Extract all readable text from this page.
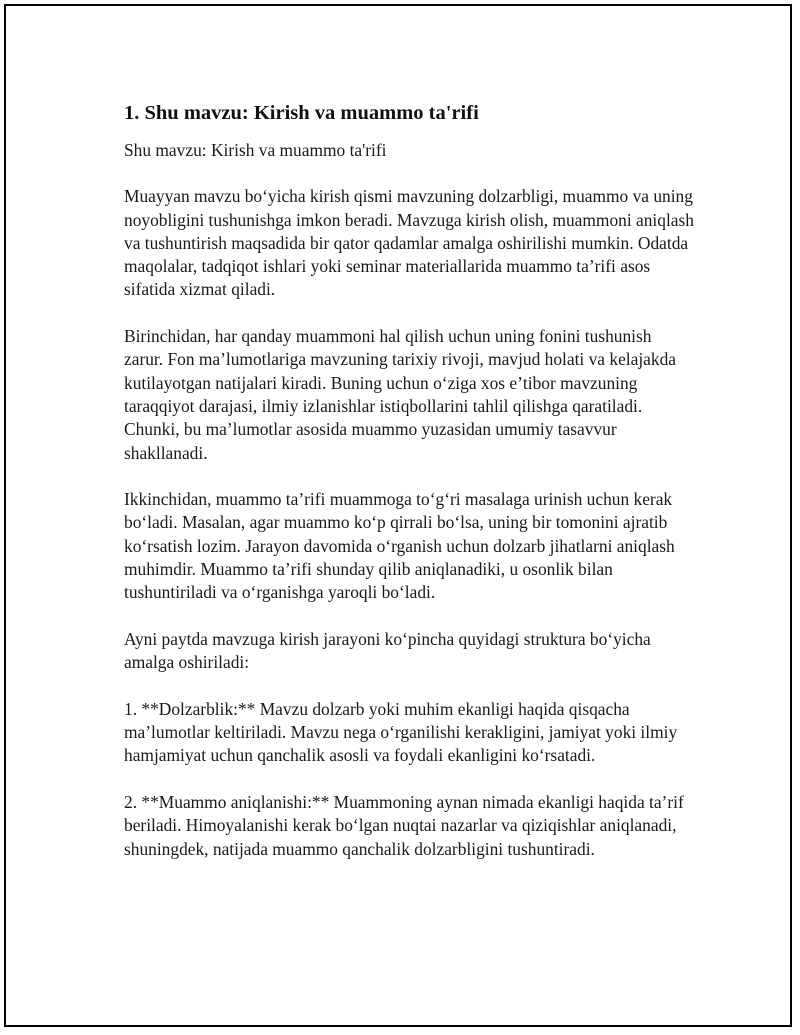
1. Shu mavzu: Kirish va muammo ta'rifi

Shu mavzu: Kirish va muammo ta'rifi

Muayyan mavzu boʻyicha kirish qismi mavzuning dolzarbligi, muammo va uning noyobligini tushunishga imkon beradi. Mavzuga kirish olish, muammoni aniqlash va tushuntirish maqsadida bir qator qadamlar amalga oshirilishi mumkin. Odatda maqolalar, tadqiqot ishlari yoki seminar materiallarida muammo taʼrifi asos sifatida xizmat qiladi.

Birinchidan, har qanday muammoni hal qilish uchun uning fonini tushunish zarur. Fon maʼlumotlariga mavzuning tarixiy rivoji, mavjud holati va kelajakda kutilayotgan natijalari kiradi. Buning uchun oʻziga xos eʼtibor mavzuning taraqqiyot darajasi, ilmiy izlanishlar istiqbollarini tahlil qilishga qaratiladi. Chunki, bu maʼlumotlar asosida muammo yuzasidan umumiy tasavvur shakllanadi.

Ikkinchidan, muammo taʼrifi muammoga toʻgʻri masalaga urinish uchun kerak boʻladi. Masalan, agar muammo koʻp qirrali boʻlsa, uning bir tomonini ajratib koʻrsatish lozim. Jarayon davomida oʻrganish uchun dolzarb jihatlarni aniqlash muhimdir. Muammo taʼrifi shunday qilib aniqlanadiki, u osonlik bilan tushuntiriladi va oʻrganishga yaroqli boʻladi.

Ayni paytda mavzuga kirish jarayoni koʻpincha quyidagi struktura boʻyicha amalga oshiriladi:

1. **Dolzarblik:** Mavzu dolzarb yoki muhim ekanligi haqida qisqacha maʼlumotlar keltiriladi. Mavzu nega oʻrganilishi kerakligini, jamiyat yoki ilmiy hamjamiyat uchun qanchalik asosli va foydali ekanligini koʻrsatadi.

2. **Muammo aniqlanishi:** Muammoning aynan nimada ekanligi haqida taʼrif beriladi. Himoyalanishi kerak boʻlgan nuqtai nazarlar va qiziqishlar aniqlanadi, shuningdek, natijada muammo qanchalik dolzarbligini tushuntiradi.
